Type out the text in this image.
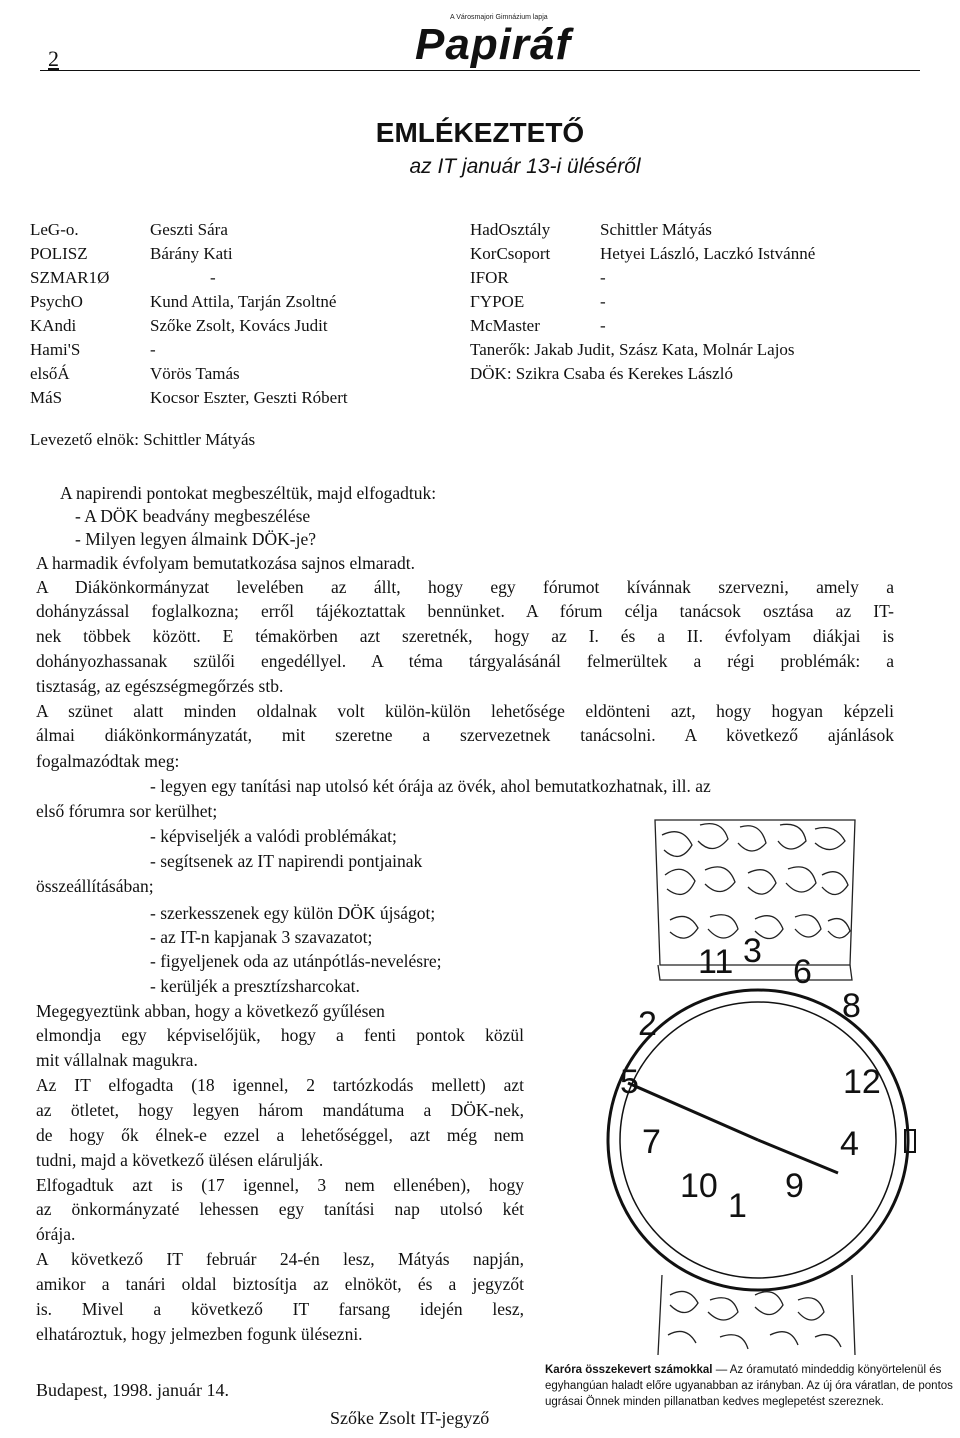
2
A Városmajori Gimnázium lapja
Papiráf
EMLÉKEZTETŐ
az IT január 13-i üléséről
LeG-o.	Geszti Sára
POLISZ	Bárány Kati
SZMAR1Ø	-
PsychO	Kund Attila, Tarján Zsoltné
KAndi	Szőke Zsolt, Kovács Judit
Hami'S	-
elsőÁ	Vörös Tamás
MáS	Kocsor Eszter, Geszti Róbert
HadOsztály	Schittler Mátyás
KorCsoport	Hetyei László, Laczkó Istvánné
IFOR	-
ΓΥΡΟΕ	-
McMaster	-
Tanerők: Jakab Judit, Szász Kata, Molnár Lajos
DÖK: Szikra Csaba és Kerekes László
Levezető elnök: Schittler Mátyás
A napirendi pontokat megbeszéltük, majd elfogadtuk:
- A DÖK beadvány megbeszélése
- Milyen legyen álmaink DÖK-je?
A harmadik évfolyam bemutatkozása sajnos elmaradt.
A Diákönkormányzat levelében az állt, hogy egy fórumot kívánnak szervezni, amely a
dohányzással foglalkozna; erről tájékoztattak bennünket. A fórum célja tanácsok osztása az IT-
nek többek között. E témakörben azt szeretnék, hogy az I. és a II. évfolyam diákjai is
dohányozhassanak szülői engedéllyel. A téma tárgyalásánál felmerültek a régi problémák: a
tisztaság, az egészségmegőrzés stb.
A szünet alatt minden oldalnak volt külön-külön lehetősége eldönteni azt, hogy hogyan képzeli
álmai diákönkormányzatát, mit szeretne a szervezetnek tanácsolni. A következő ajánlások
fogalmazódtak meg:
- legyen egy tanítási nap utolsó két órája az övék, ahol bemutatkozhatnak, ill. az
első fórumra sor kerülhet;
- képviseljék a valódi problémákat;
- segítsenek az IT napirendi pontjainak
összeállításában;
- szerkesszenek egy külön DÖK újságot;
- az IT-n kapjanak 3 szavazatot;
- figyeljenek oda az utánpótlás-nevelésre;
- kerüljék a presztízsharcokat.
Megegyeztünk abban, hogy a következő gyűlésen
elmondja egy képviselőjük, hogy a fenti pontok közül
mit vállalnak magukra.
Az IT elfogadta (18 igennel, 2 tartózkodás mellett) azt
az ötletet, hogy legyen három mandátuma a DÖK-nek,
de hogy ők élnek-e ezzel a lehetőséggel, azt még nem
tudni, majd a következő ülésen elárulják.
Elfogadtuk azt is (17 igennel, 3 nem ellenében), hogy
az önkormányzaté lehessen egy tanítási nap utolsó két
órája.
A következő IT február 24-én lesz, Mátyás napján,
amikor a tanári oldal biztosítja az elnököt, és a jegyzőt
is. Mivel a következő IT farsang idején lesz,
elhatároztuk, hogy jelmezben fogunk ülésezni.
11 3
6
2	8
5	12
7	4
10
1
9
Karóra összekevert számokkal — Az óramutató mindeddig könyörtelenül és egyhangúan haladt előre ugyanabban az irányban. Az új óra váratlan, de pontos ugrásai Önnek minden pillanatban kedves meglepetést szereznek.
Budapest, 1998. január 14.
Szőke Zsolt IT-jegyző
